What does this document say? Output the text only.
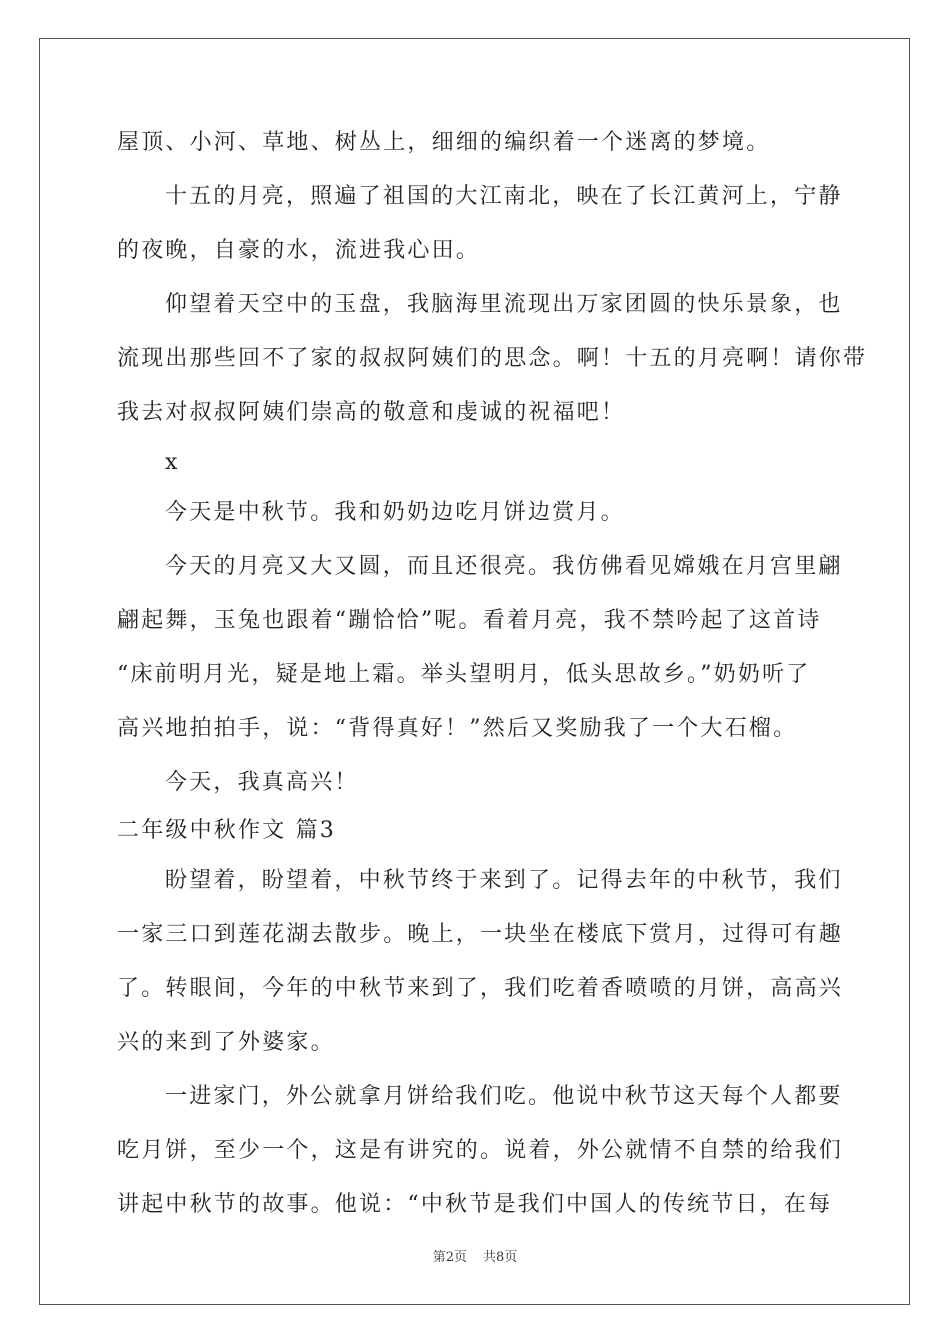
屋顶、小河、草地、树丛上，细细的编织着一个迷离的梦境。
十五的月亮，照遍了祖国的大江南北，映在了长江黄河上，宁静
的夜晚，自豪的水，流进我心田。
仰望着天空中的玉盘，我脑海里流现出万家团圆的快乐景象，也
流现出那些回不了家的叔叔阿姨们的思念。啊！十五的月亮啊！请你带
我去对叔叔阿姨们崇高的敬意和虔诚的祝福吧！
x
今天是中秋节。我和奶奶边吃月饼边赏月。
今天的月亮又大又圆，而且还很亮。我仿佛看见嫦娥在月宫里翩
翩起舞，玉兔也跟着“蹦恰恰”呢。看着月亮，我不禁吟起了这首诗
“床前明月光，疑是地上霜。举头望明月，低头思故乡。”奶奶听了
高兴地拍拍手，说：“背得真好！”然后又奖励我了一个大石榴。
今天，我真高兴！
二年级中秋作文 篇3
盼望着，盼望着，中秋节终于来到了。记得去年的中秋节，我们
一家三口到莲花湖去散步。晚上，一块坐在楼底下赏月，过得可有趣
了。转眼间，今年的中秋节来到了，我们吃着香喷喷的月饼，高高兴
兴的来到了外婆家。
一进家门，外公就拿月饼给我们吃。他说中秋节这天每个人都要
吃月饼，至少一个，这是有讲究的。说着，外公就情不自禁的给我们
讲起中秋节的故事。他说：“中秋节是我们中国人的传统节日，在每
第2页 共8页
